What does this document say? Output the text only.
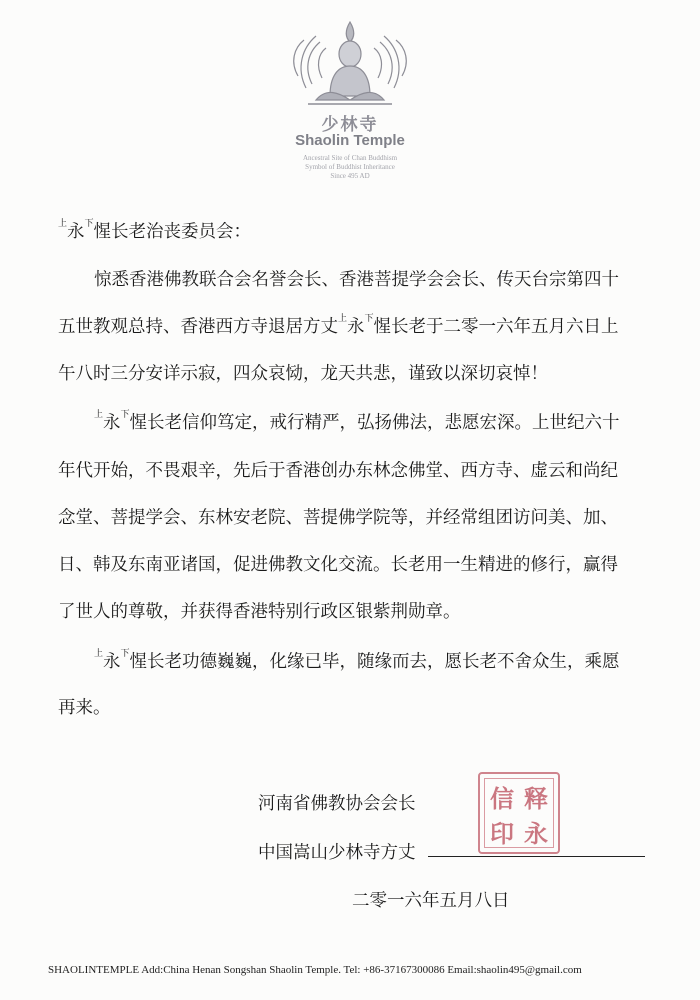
少林寺
Shaolin Temple
Ancestral Site of Chan Buddhism
Symbol of Buddhist Inheritance
Since 495 AD
$^上$永$^下$惺长老治丧委员会：
惊悉香港佛教联合会名誉会长、香港菩提学会会长、传天台宗第四十
五世教观总持、香港西方寺退居方丈$^上$永$^下$惺长老于二零一六年五月六日上
午八时三分安详示寂，四众哀恸，龙天共悲，谨致以深切哀悼！
$^上$永$^下$惺长老信仰笃定，戒行精严，弘扬佛法，悲愿宏深。上世纪六十
年代开始，不畏艰辛，先后于香港创办东林念佛堂、西方寺、虚云和尚纪
念堂、菩提学会、东林安老院、菩提佛学院等，并经常组团访问美、加、
日、韩及东南亚诸国，促进佛教文化交流。长老用一生精进的修行，赢得
了世人的尊敬，并获得香港特别行政区银紫荆勋章。
$^上$永$^下$惺长老功德巍巍，化缘已毕，随缘而去，愿长老不舍众生，乘愿
再来。
河南省佛教协会会长
中国嵩山少林寺方丈
二零一六年五月八日
信 释
印 永
SHAOLINTEMPLE Add:China Henan Songshan Shaolin Temple. Tel: +86-37167300086 Email:shaolin495@gmail.com
